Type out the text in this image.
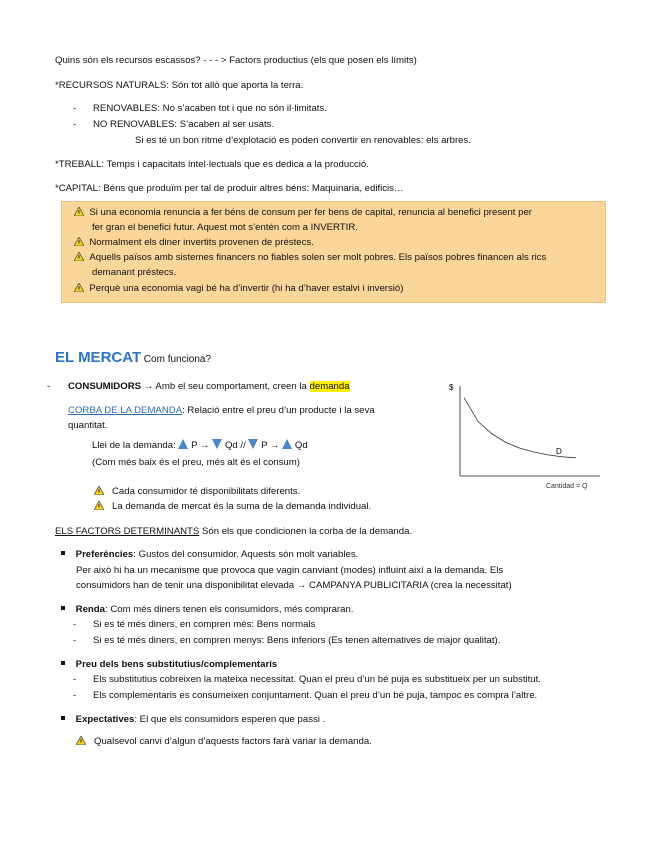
Quins són els recursos escassos? - - - > Factors productius (els que posen els límits)
*RECURSOS NATURALS: Són tot allò que aporta la terra.
- RENOVABLES: No s’acaben tot i que no són il·limitats.
- NO RENOVABLES: S’acaben al ser usats.
Si es té un bon ritme d’explotació es poden convertir en renovables: els arbres.
*TREBALL: Temps i capacitats intel·lectuals que es dedica a la producció.
*CAPITAL: Béns que produïm per tal de produir altres béns: Maquinaria, edificis…
Si una economia renuncia a fer béns de consum per fer bens de capital, renuncia al benefici present per
fer gran el benefici futur. Aquest mot s’entén com a INVERTIR.
Normalment els diner invertits provenen de préstecs.
Aquells països amb sistemes financers no fiables solen ser molt pobres. Els països pobres financen als rics
demanant préstecs.
Perquè una economia vagi bé ha d’invertir (hi ha d’haver estalvi i inversió)
EL MERCAT Com funciona?
- CONSUMIDORS → Amb el seu comportament, creen la demanda
CORBA DE LA DEMANDA: Relació entre el preu d’un producte i la seva
quantitat.
Llei de la demanda: P → Qd // P → Qd
(Com més baix és el preu, més alt és el consum)
Cada consumidor té disponibilitats diferents.
La demanda de mercat és la suma de la demanda individual.
$
Cantidad = Q
D
ELS FACTORS DETERMINANTS Són els que condicionen la corba de la demanda.
Preferències: Gustos del consumidor. Aquests són molt variables.
Per això hi ha un mecanisme que provoca que vagin canviant (modes) influint així a la demanda. Els
consumidors han de tenir una disponibilitat elevada → CAMPANYA PUBLICITARIA (crea la necessitat)
Renda: Com més diners tenen els consumidors, més compraran.
- Si es té més diners, en compren més: Bens normals
- Si es té més diners, en compren menys: Bens inferiors (Es tenen alternatives de major qualitat).
Preu dels bens substitutius/complementaris
- Els substitutius cobreixen la mateixa necessitat. Quan el preu d’un bé puja es substitueix per un substitut.
- Els complementaris es consumeixen conjuntament. Quan el preu d’un bé puja, tampoc es compra l’altre.
Expectatives: El que els consumidors esperen que passi .
Qualsevol canvi d’algun d’aquests factors farà variar la demanda.
